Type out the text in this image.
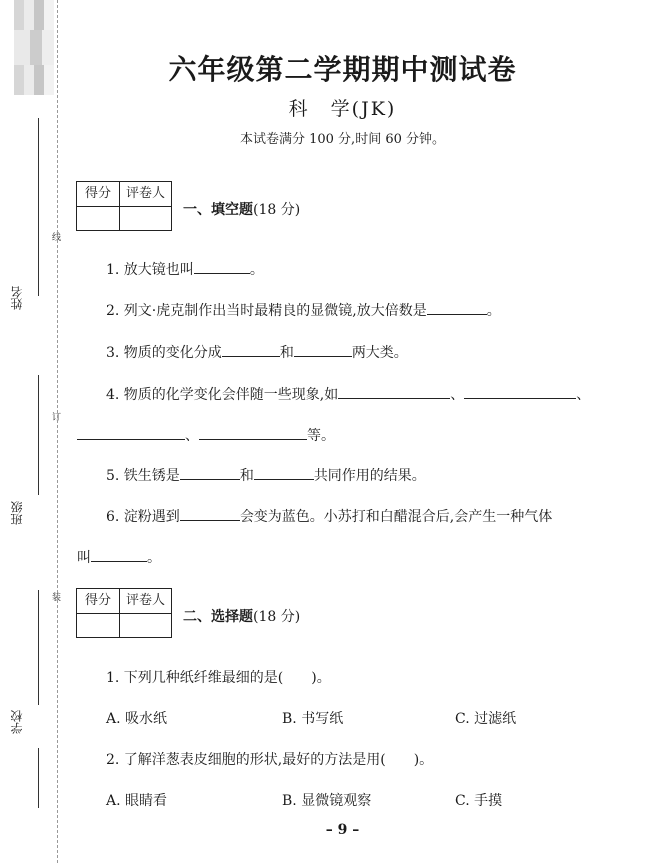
姓名
班级
学校
线
订
装
六年级第二学期期中测试卷
科　学(JK)
本试卷满分 100 分,时间 60 分钟。
得分	评卷人
一、填空题(18 分)
1. 放大镜也叫	。
2. 列文·虎克制作出当时最精良的显微镜,放大倍数是	。
3. 物质的变化分成	和	两大类。
4. 物质的化学变化会伴随一些现象,如	、	、
、	等。
5. 铁生锈是	和	共同作用的结果。
6. 淀粉遇到	会变为蓝色。小苏打和白醋混合后,会产生一种气体
叫	。
得分	评卷人
二、选择题(18 分)
1. 下列几种纸纤维最细的是(　　)。
A. 吸水纸	B. 书写纸	C. 过滤纸
2. 了解洋葱表皮细胞的形状,最好的方法是用(　　)。
A. 眼睛看	B. 显微镜观察	C. 手摸
– 9 –
